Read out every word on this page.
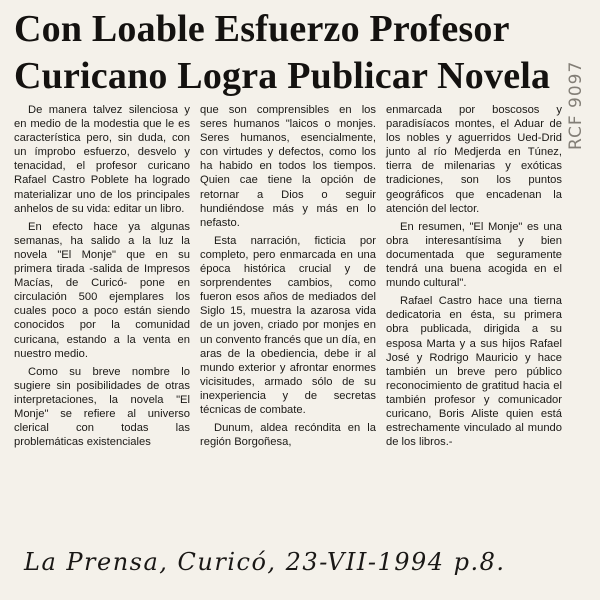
Con Loable Esfuerzo Profesor
Curicano Logra Publicar Novela

De manera talvez silenciosa y en medio de la modestia que le es característica pero, sin duda, con un ímprobo esfuerzo, desvelo y tenacidad, el profesor curicano Rafael Castro Poblete ha logrado materializar uno de los principales anhelos de su vida: editar un libro.

En efecto hace ya algunas semanas, ha salido a la luz la novela "El Monje" que en su primera tirada -salida de Impresos Macías, de Curicó- pone en circulación 500 ejemplares los cuales poco a poco están siendo conocidos por la comunidad curicana, estando a la venta en nuestro medio.

Como su breve nombre lo sugiere sin posibilidades de otras interpretaciones, la novela "El Monje" se refiere al universo clerical con todas las problemáticas existenciales

que son comprensibles en los seres humanos "laicos o monjes. Seres humanos, esencialmente, con virtudes y defectos, como los ha habido en todos los tiempos. Quien cae tiene la opción de retornar a Dios o seguir hundiéndose más y más en lo nefasto.

Esta narración, ficticia por completo, pero enmarcada en una época histórica crucial y de sorprendentes cambios, como fueron esos años de mediados del Siglo 15, muestra la azarosa vida de un joven, criado por monjes en un convento francés que un día, en aras de la obediencia, debe ir al mundo exterior y afrontar enormes vicisitudes, armado sólo de su inexperiencia y de secretas técnicas de combate.

Dunum, aldea recóndita en la región Borgoñesa,

enmarcada por boscosos y paradisíacos montes, el Aduar de los nobles y aguerridos Ued-Drid junto al río Medjerda en Túnez, tierra de milenarias y exóticas tradiciones, son los puntos geográficos que encadenan la atención del lector.

En resumen, "El Monje" es una obra interesantísima y bien documentada que seguramente tendrá una buena acogida en el mundo cultural".

Rafael Castro hace una tierna dedicatoria en ésta, su primera obra publicada, dirigida a su esposa Marta y a sus hijos Rafael José y Rodrigo Mauricio y hace también un breve pero público reconocimiento de gratitud hacia el también profesor y comunicador curicano, Boris Aliste quien está estrechamente vinculado al mundo de los libros.-

RCF 9097
La Prensa, Curicó, 23-VII-1994 p.8.
